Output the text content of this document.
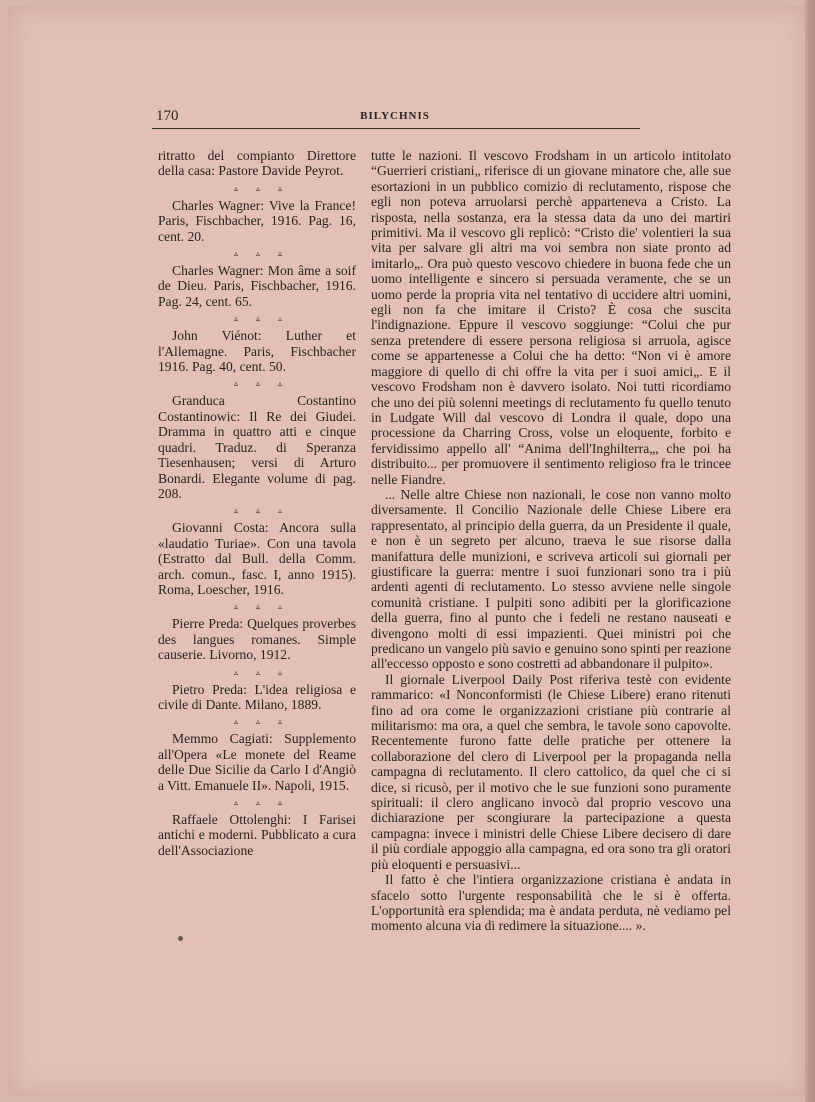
170	BILYCHNIS

ritratto del compianto Direttore della casa: Pastore Davide Peyrot.

▵ ▵ ▵

Charles Wagner: Vive la France! Paris, Fischbacher, 1916. Pag. 16, cent. 20.

▵ ▵ ▵

Charles Wagner: Mon âme a soif de Dieu. Paris, Fischbacher, 1916. Pag. 24, cent. 65.

▵ ▵ ▵

John Viénot: Luther et l'Allemagne. Paris, Fischbacher 1916. Pag. 40, cent. 50.

▵ ▵ ▵

Granduca Costantino Costantinowic: Il Re dei Giudei. Dramma in quattro atti e cinque quadri. Traduz. di Speranza Tiesenhausen; versi di Arturo Bonardi. Elegante volume di pag. 208.

▵ ▵ ▵

Giovanni Costa: Ancora sulla «laudatio Turiae». Con una tavola (Estratto dal Bull. della Comm. arch. comun., fasc. I, anno 1915). Roma, Loescher, 1916.

▵ ▵ ▵

Pierre Preda: Quelques proverbes des langues romanes. Simple causerie. Livorno, 1912.

▵ ▵ ▵

Pietro Preda: L'idea religiosa e civile di Dante. Milano, 1889.

▵ ▵ ▵

Memmo Cagiati: Supplemento all'Opera «Le monete del Reame delle Due Sicilie da Carlo I d'Angiò a Vitt. Emanuele II». Napoli, 1915.

▵ ▵ ▵

Raffaele Ottolenghi: I Farisei antichi e moderni. Pubblicato a cura dell'Associazione

tutte le nazioni. Il vescovo Frodsham in un articolo intitolato “Guerrieri cristiani„ riferisce di un giovane minatore che, alle sue esortazioni in un pubblico comizio di reclutamento, rispose che egli non poteva arruolarsi perchè apparteneva a Cristo. La risposta, nella sostanza, era la stessa data da uno dei martiri primitivi. Ma il vescovo gli replicò: “Cristo die' volentieri la sua vita per salvare gli altri ma voi sembra non siate pronto ad imitarlo„. Ora può questo vescovo chiedere in buona fede che un uomo intelligente e sincero si persuada veramente, che se un uomo perde la propria vita nel tentativo di uccidere altri uomini, egli non fa che imitare il Cristo? È cosa che suscita l'indignazione. Eppure il vescovo soggiunge: “Colui che pur senza pretendere di essere persona religiosa si arruola, agisce come se appartenesse a Colui che ha detto: “Non vi è amore maggiore di quello di chi offre la vita per i suoi amici„. E il vescovo Frodsham non è davvero isolato. Noi tutti ricordiamo che uno dei più solenni meetings di reclutamento fu quello tenuto in Ludgate Will dal vescovo di Londra il quale, dopo una processione da Charring Cross, volse un eloquente, forbito e fervidissimo appello all' “Anima dell'Inghilterra„, che poi ha distribuito... per promuovere il sentimento religioso fra le trincee nelle Fiandre.

... Nelle altre Chiese non nazionali, le cose non vanno molto diversamente. Il Concilio Nazionale delle Chiese Libere era rappresentato, al principio della guerra, da un Presidente il quale, e non è un segreto per alcuno, traeva le sue risorse dalla manifattura delle munizioni, e scriveva articoli sui giornali per giustificare la guerra: mentre i suoi funzionari sono tra i più ardenti agenti di reclutamento. Lo stesso avviene nelle singole comunità cristiane. I pulpiti sono adibiti per la glorificazione della guerra, fino al punto che i fedeli ne restano nauseati e divengono molti di essi impazienti. Quei ministri poi che predicano un vangelo più savio e genuino sono spinti per reazione all'eccesso opposto e sono costretti ad abbandonare il pulpito».

Il giornale Liverpool Daily Post riferiva testè con evidente rammarico: «I Nonconformisti (le Chiese Libere) erano ritenuti fino ad ora come le organizzazioni cristiane più contrarie al militarismo: ma ora, a quel che sembra, le tavole sono capovolte. Recentemente furono fatte delle pratiche per ottenere la collaborazione del clero di Liverpool per la propaganda nella campagna di reclutamento. Il clero cattolico, da quel che ci si dice, si ricusò, per il motivo che le sue funzioni sono puramente spirituali: il clero anglicano invocò dal proprio vescovo una dichiarazione per scongiurare la partecipazione a questa campagna: invece i ministri delle Chiese Libere decisero di dare il più cordiale appoggio alla campagna, ed ora sono tra gli oratori più eloquenti e persuasivi...

Il fatto è che l'intiera organizzazione cristiana è andata in sfacelo sotto l'urgente responsabilità che le si è offerta. L'opportunità era splendida; ma è andata perduta, nè vediamo pel momento alcuna via di redimere la situazione.... ».
